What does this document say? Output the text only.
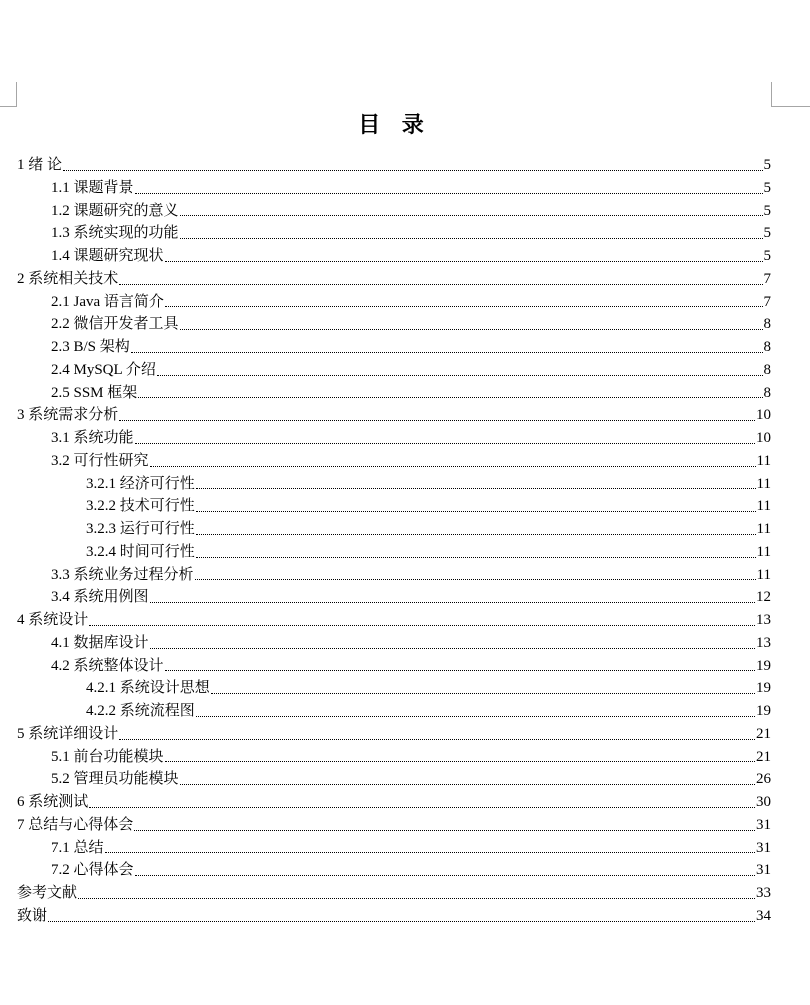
目 录
1 绪 论	5
1.1 课题背景	5
1.2 课题研究的意义	5
1.3 系统实现的功能	5
1.4 课题研究现状	5
2 系统相关技术	7
2.1 Java 语言简介	7
2.2 微信开发者工具	8
2.3 B/S 架构	8
2.4 MySQL 介绍	8
2.5 SSM 框架	8
3 系统需求分析	10
3.1 系统功能	10
3.2 可行性研究	11
3.2.1 经济可行性	11
3.2.2 技术可行性	11
3.2.3 运行可行性	11
3.2.4 时间可行性	11
3.3 系统业务过程分析	11
3.4 系统用例图	12
4 系统设计	13
4.1 数据库设计	13
4.2 系统整体设计	19
4.2.1 系统设计思想	19
4.2.2 系统流程图	19
5 系统详细设计	21
5.1 前台功能模块	21
5.2 管理员功能模块	26
6 系统测试	30
7 总结与心得体会	31
7.1 总结	31
7.2 心得体会	31
参考文献	33
致谢	34
